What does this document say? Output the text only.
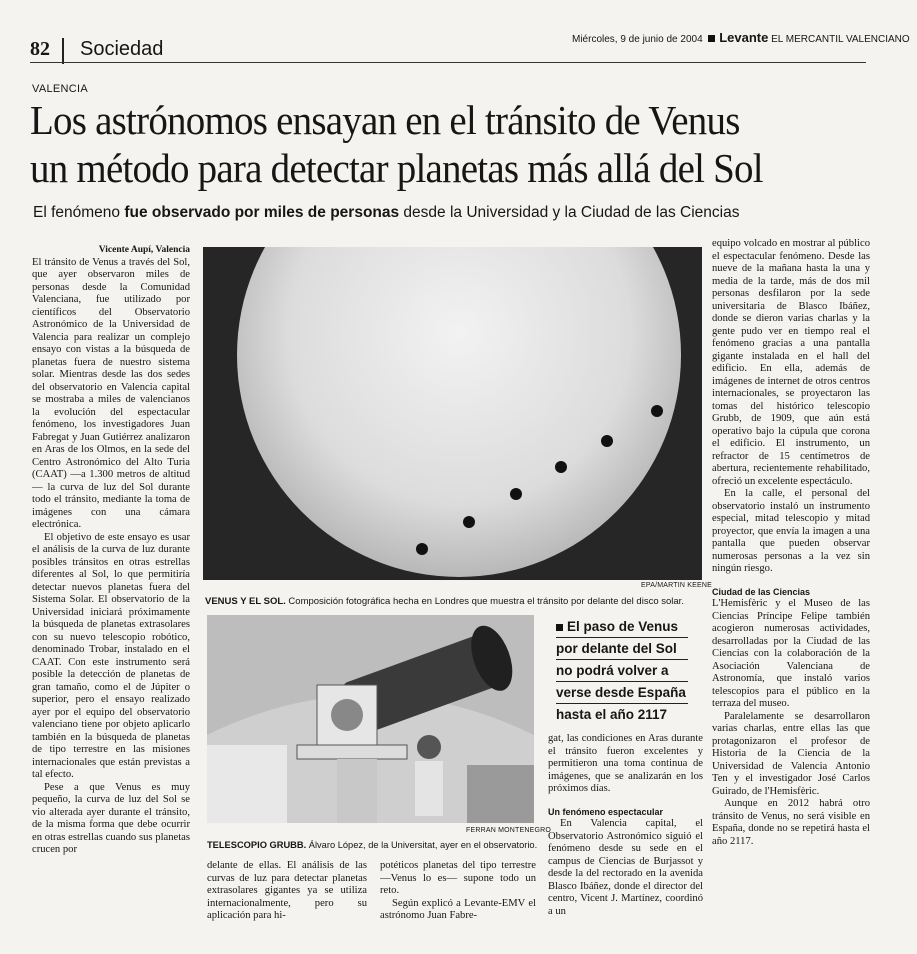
82 Sociedad	Miércoles, 9 de junio de 2004 Levante EL MERCANTIL VALENCIANO
VALENCIA
Los astrónomos ensayan en el tránsito de Venus
un método para detectar planetas más allá del Sol
El fenómeno fue observado por miles de personas desde la Universidad y la Ciudad de las Ciencias
Vicente Aupí, Valencia

El tránsito de Venus a través del Sol, que ayer observaron miles de personas desde la Comunidad Valenciana, fue utilizado por científicos del Observatorio Astronómico de la Universidad de Valencia para realizar un complejo ensayo con vistas a la búsqueda de planetas fuera de nuestro sistema solar. Mientras desde las dos sedes del observatorio en Valencia capital se mostraba a miles de valencianos la evolución del espectacular fenómeno, los investigadores Juan Fabregat y Juan Gutiérrez analizaron en Aras de los Olmos, en la sede del Centro Astronómico del Alto Turia (CAAT) —a 1.300 metros de altitud— la curva de luz del Sol durante todo el tránsito, mediante la toma de imágenes con una cámara electrónica.

El objetivo de este ensayo es usar el análisis de la curva de luz durante posibles tránsitos en otras estrellas diferentes al Sol, lo que permitiría detectar nuevos planetas fuera del Sistema Solar. El observatorio de la Universidad iniciará próximamente la búsqueda de planetas extrasolares con su nuevo telescopio robótico, denominado Trobar, instalado en el CAAT. Con este instrumento será posible la detección de planetas de gran tamaño, como el de Júpiter o superior, pero el ensayo realizado ayer por el equipo del observatorio valenciano tiene por objeto aplicarlo también en la búsqueda de planetas de tipo terrestre en las misiones internacionales que están previstas a tal efecto.

Pese a que Venus es muy pequeño, la curva de luz del Sol se vio alterada ayer durante el tránsito, de la misma forma que debe ocurrir en otras estrellas cuando sus planetas crucen por

EPA/MARTIN KEENE
VENUS Y EL SOL. Composición fotográfica hecha en Londres que muestra el tránsito por delante del disco solar.
FERRAN MONTENEGRO
TELESCOPIO GRUBB. Álvaro López, de la Universitat, ayer en el observatorio.

delante de ellas. El análisis de las curvas de luz para detectar planetas extrasolares gigantes ya se utiliza internacionalmente, pero su aplicación para hi-

potéticos planetas del tipo terrestre —Venus lo es— supone todo un reto.

Según explicó a Levante-EMV el astrónomo Juan Fabre-

El paso de Venus
por delante del Sol
no podrá volver a
verse desde España
hasta el año 2117

gat, las condiciones en Aras durante el tránsito fueron excelentes y permitieron una toma continua de imágenes, que se analizarán en los próximos días.

Un fenómeno espectacular

En Valencia capital, el Observatorio Astronómico siguió el fenómeno desde su sede en el campus de Ciencias de Burjassot y desde la del rectorado en la avenida Blasco Ibáñez, donde el director del centro, Vicent J. Martínez, coordinó a un

equipo volcado en mostrar al público el espectacular fenómeno. Desde las nueve de la mañana hasta la una y media de la tarde, más de dos mil personas desfilaron por la sede universitaria de Blasco Ibáñez, donde se dieron varias charlas y la gente pudo ver en tiempo real el fenómeno gracias a una pantalla gigante instalada en el hall del edificio. En ella, además de imágenes de internet de otros centros internacionales, se proyectaron las tomas del histórico telescopio Grubb, de 1909, que aún está operativo bajo la cúpula que corona el edificio. El instrumento, un refractor de 15 centímetros de abertura, recientemente rehabilitado, ofreció un excelente espectáculo.

En la calle, el personal del observatorio instaló un instrumento especial, mitad telescopio y mitad proyector, que envía la imagen a una pantalla que pueden observar numerosas personas a la vez sin ningún riesgo.

Ciudad de las Ciencias

L'Hemisfèric y el Museo de las Ciencias Príncipe Felipe también acogieron numerosas actividades, desarrolladas por la Ciudad de las Ciencias con la colaboración de la Asociación Valenciana de Astronomía, que instaló varios telescopios para el público en la terraza del museo.

Paralelamente se desarrollaron varias charlas, entre ellas las que protagonizaron el profesor de Historia de la Ciencia de la Universidad de Valencia Antonio Ten y el investigador José Carlos Guirado, de l'Hemisfèric.

Aunque en 2012 habrá otro tránsito de Venus, no será visible en España, donde no se repetirá hasta el año 2117.
